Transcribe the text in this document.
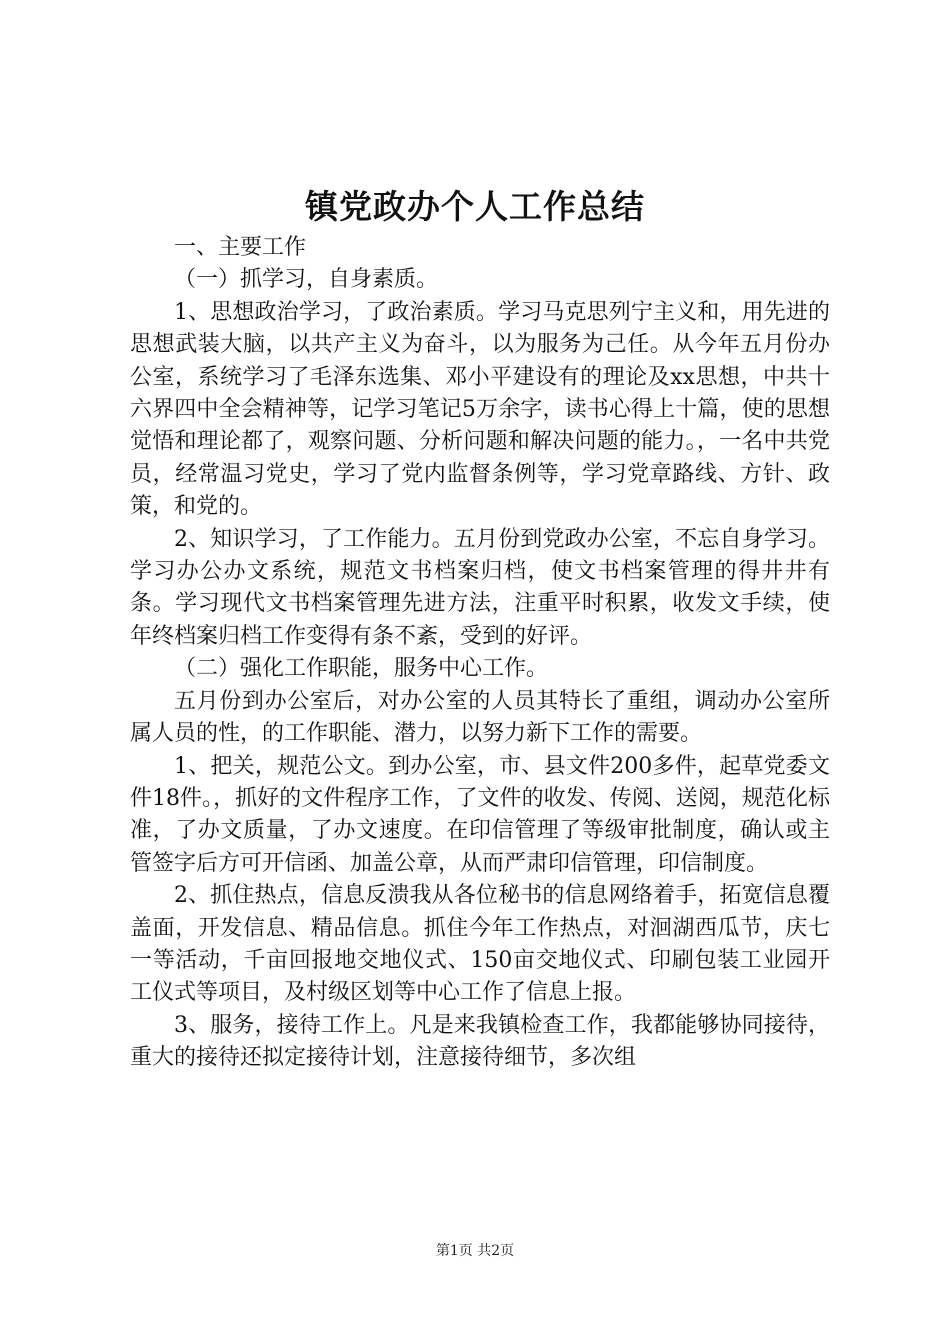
镇党政办个人工作总结

一、主要工作

（一）抓学习，自身素质。

1、思想政治学习，了政治素质。学习马克思列宁主义和，用先进的思想武装大脑，以共产主义为奋斗，以为服务为己任。从今年五月份办公室，系统学习了毛泽东选集、邓小平建设有的理论及xx思想，中共十六界四中全会精神等，记学习笔记5万余字，读书心得上十篇，使的思想觉悟和理论都了，观察问题、分析问题和解决问题的能力。，一名中共党员，经常温习党史，学习了党内监督条例等，学习党章路线、方针、政策，和党的。

2、知识学习，了工作能力。五月份到党政办公室，不忘自身学习。学习办公办文系统，规范文书档案归档，使文书档案管理的得井井有条。学习现代文书档案管理先进方法，注重平时积累，收发文手续，使年终档案归档工作变得有条不紊，受到的好评。

（二）强化工作职能，服务中心工作。

五月份到办公室后，对办公室的人员其特长了重组，调动办公室所属人员的性，的工作职能、潜力，以努力新下工作的需要。

1、把关，规范公文。到办公室，市、县文件200多件，起草党委文件18件。，抓好的文件程序工作，了文件的收发、传阅、送阅，规范化标准，了办文质量，了办文速度。在印信管理了等级审批制度，确认或主管签字后方可开信函、加盖公章，从而严肃印信管理，印信制度。

2、抓住热点，信息反溃我从各位秘书的信息网络着手，拓宽信息覆盖面，开发信息、精品信息。抓住今年工作热点，对洄湖西瓜节，庆七一等活动，千亩回报地交地仪式、150亩交地仪式、印刷包装工业园开工仪式等项目，及村级区划等中心工作了信息上报。

3、服务，接待工作上。凡是来我镇检查工作，我都能够协同接待，重大的接待还拟定接待计划，注意接待细节，多次组

第1页 共2页
